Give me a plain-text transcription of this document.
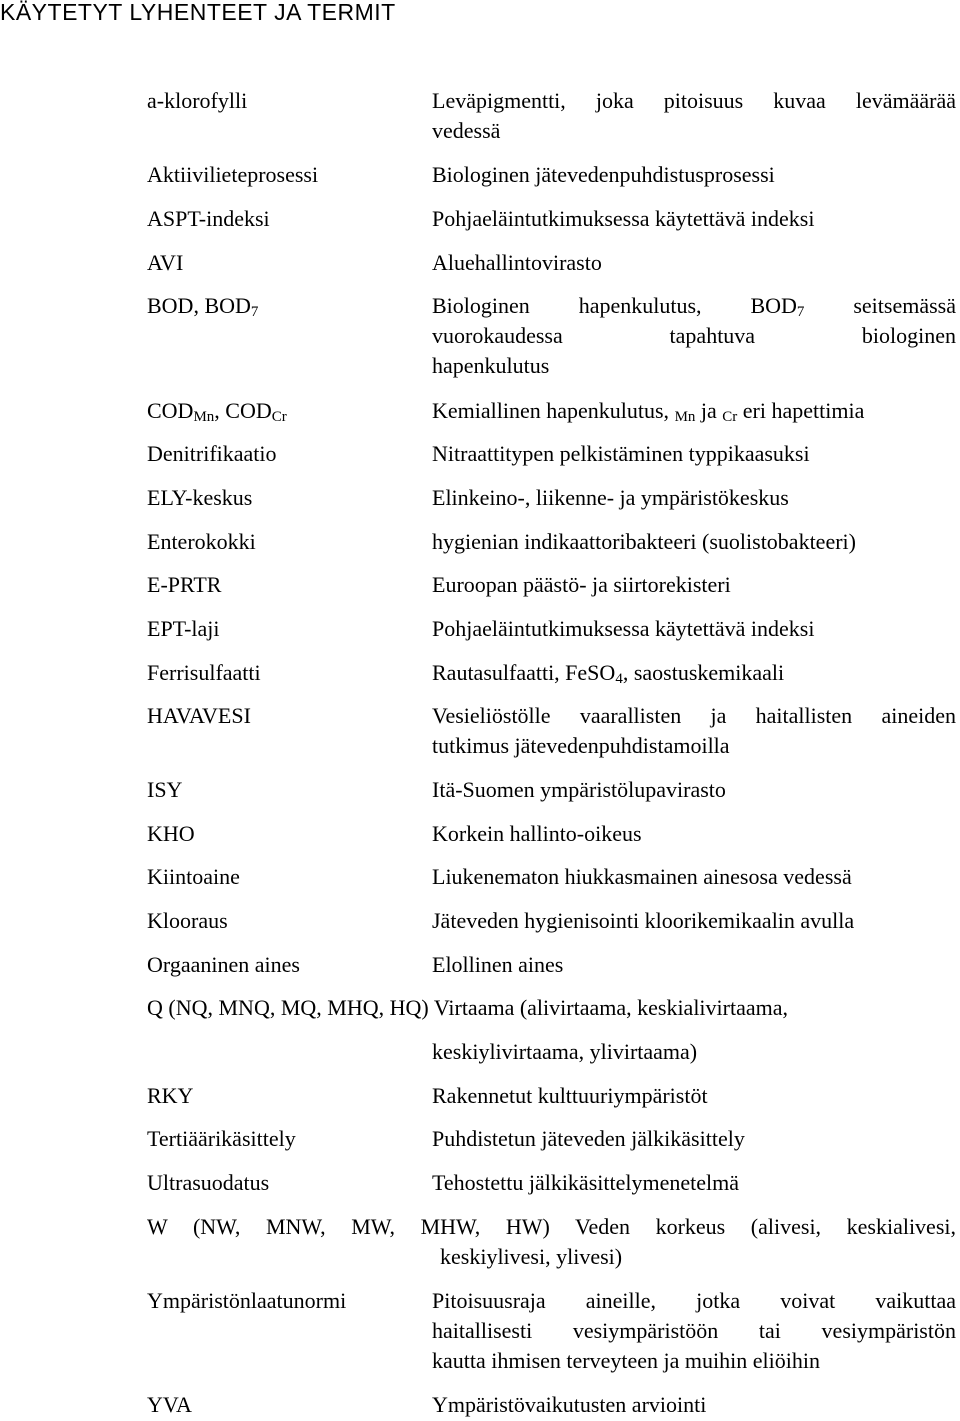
KÄYTETYT LYHENTEET JA TERMIT
a-klorofylli	Leväpigmentti, joka pitoisuus kuvaa levämäärää
vedessä
Aktiivilieteprosessi	Biologinen jätevedenpuhdistusprosessi
ASPT-indeksi	Pohjaeläintutkimuksessa käytettävä indeksi
AVI	Aluehallintovirasto
BOD, $BOD_7$	Biologinen hapenkulutus, $BOD_7$ seitsemässä
vuorokaudessa tapahtuva biologinen
hapenkulutus
$COD_{Mn}$, $COD_{Cr}$	Kemiallinen hapenkulutus, $_{Mn}$ ja $_{Cr}$ eri hapettimia
Denitrifikaatio	Nitraattitypen pelkistäminen typpikaasuksi
ELY-keskus	Elinkeino-, liikenne- ja ympäristökeskus
Enterokokki	hygienian indikaattoribakteeri (suolistobakteeri)
E-PRTR	Euroopan päästö- ja siirtorekisteri
EPT-laji	Pohjaeläintutkimuksessa käytettävä indeksi
Ferrisulfaatti	Rautasulfaatti, FeSO$_4$, saostuskemikaali
HAVAVESI	Vesieliöstölle vaarallisten ja haitallisten aineiden
tutkimus jätevedenpuhdistamoilla
ISY	Itä-Suomen ympäristölupavirasto
KHO	Korkein hallinto-oikeus
Kiintoaine	Liukenematon hiukkasmainen ainesosa vedessä
Klooraus	Jäteveden hygienisointi kloorikemikaalin avulla
Orgaaninen aines	Elollinen aines
Q (NQ, MNQ, MQ, MHQ, HQ) Virtaama (alivirtaama, keskialivirtaama,
keskiylivirtaama, ylivirtaama)
RKY	Rakennetut kulttuuriympäristöt
Tertiäärikäsittely	Puhdistetun jäteveden jälkikäsittely
Ultrasuodatus	Tehostettu jälkikäsittelymenetelmä
W (NW, MNW, MW, MHW, HW) Veden korkeus (alivesi, keskialivesi,
keskiylivesi, ylivesi)
Ympäristönlaatunormi	Pitoisuusraja aineille, jotka voivat vaikuttaa
haitallisesti vesiympäristöön tai vesiympäristön
kautta ihmisen terveyteen ja muihin eliöihin
YVA	Ympäristövaikutusten arviointi
